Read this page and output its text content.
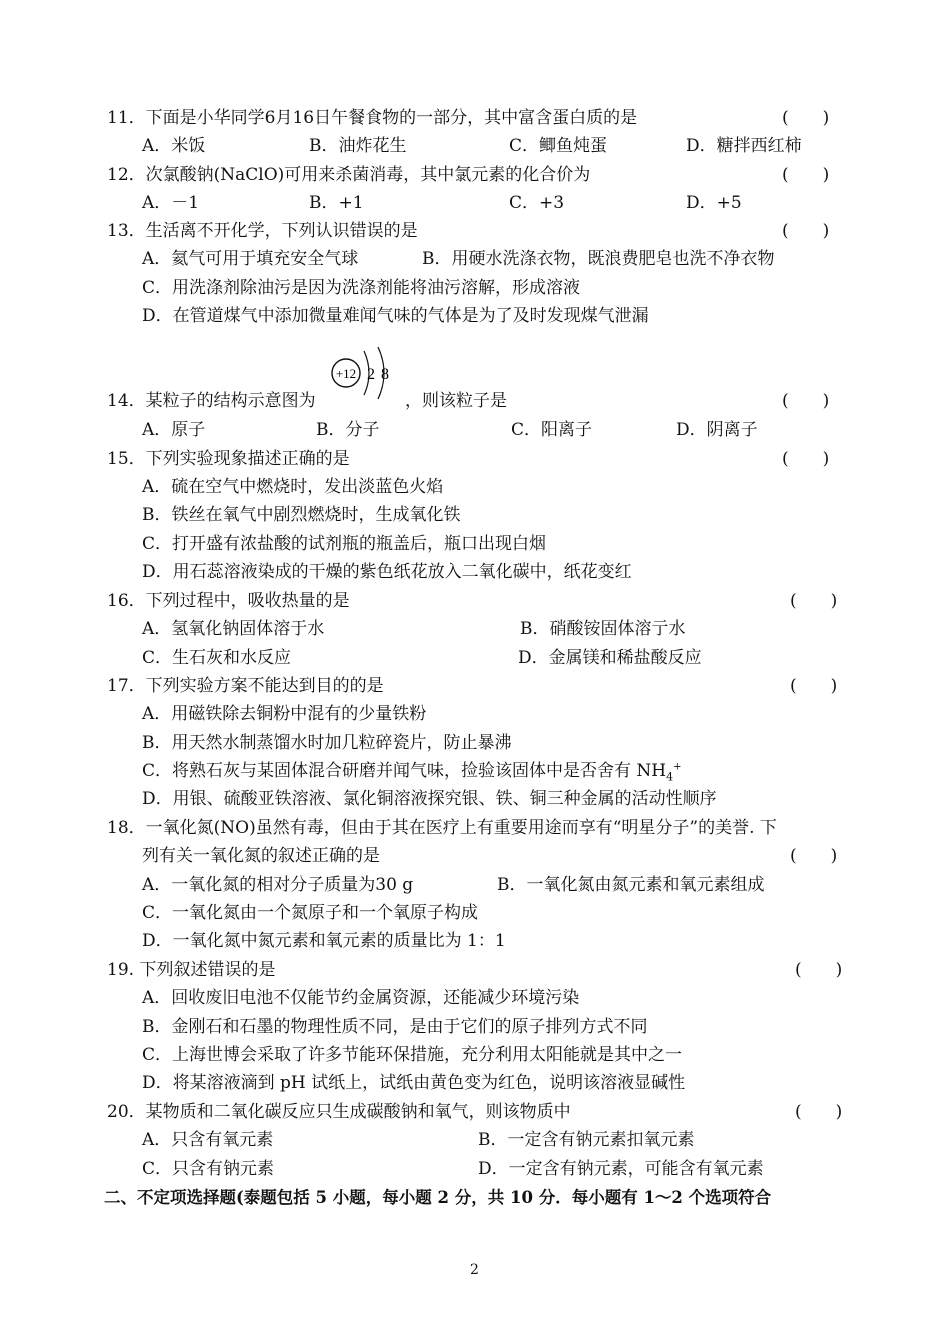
11．下面是小华同学6月16日午餐食物的一部分，其中富含蛋白质的是	(　　)
A．米饭	B．油炸花生	C．鲫鱼炖蛋	D．糖拌西红柿
12．次氯酸钠(NaClO)可用来杀菌消毒，其中氯元素的化合价为	(　　)
A．－1	B．+1	C．+3	D．+5
13．生活离不开化学，下列认识错误的是	(　　)
A．氦气可用于填充安全气球	B．用硬水洗涤衣物，既浪费肥皂也洗不净衣物
C．用洗涤剂除油污是因为洗涤剂能将油污溶解，形成溶液
D．在管道煤气中添加微量难闻气味的气体是为了及时发现煤气泄漏
+12 2 8
14．某粒子的结构示意图为	，则该粒子是	(　　)
A．原子	B．分子	C．阳离子	D．阴离子
15．下列实验现象描述正确的是	(　　)
A．硫在空气中燃烧时，发出淡蓝色火焰
B．铁丝在氧气中剧烈燃烧时，生成氧化铁
C．打开盛有浓盐酸的试剂瓶的瓶盖后，瓶口出现白烟
D．用石蕊溶液染成的干燥的紫色纸花放入二氧化碳中，纸花变红
16．下列过程中，吸收热量的是	(　　)
A．氢氧化钠固体溶于水	B．硝酸铵固体溶亍水
C．生石灰和水反应	D．金属镁和稀盐酸反应
17．下列实验方案不能达到目的的是	(　　)
A．用磁铁除去铜粉中混有的少量铁粉
B．用天然水制蒸馏水时加几粒碎瓷片，防止暴沸
C．将熟石灰与某固体混合研磨并闻气味，捡验该固体中是否舍有 $NH_4^+$
D．用银、硫酸亚铁溶液、氯化铜溶液探究银、铁、铜三种金属的活动性顺序
18．一氧化氮(NO)虽然有毒，但由于其在医疗上有重要用途而享有“明星分子”的美誉. 下
列有关一氧化氮的叙述正确的是	(　　)
A．一氧化氮的相对分子质量为30 g	B．一氧化氮由氮元素和氧元素组成
C．一氧化氮由一个氮原子和一个氧原子构成
D．一氧化氮中氮元素和氧元素的质量比为 1：1
19. 下列叙述错误的是	(　　)
A．回收废旧电池不仅能节约金属资源，还能减少环境污染
B．金刚石和石墨的物理性质不同，是由于它们的原子排列方式不同
C．上海世博会采取了许多节能环保措施，充分利用太阳能就是其中之一
D．将某溶液滴到 pH 试纸上，试纸由黄色变为红色，说明该溶液显碱性
20．某物质和二氧化碳反应只生成碳酸钠和氧气，则该物质中	(　　)
A．只含有氧元素	B．一定含有钠元素扣氧元素
C．只含有钠元素	D．一定含有钠元素，可能含有氧元素
二、不定项选择题(泰题包括 5 小题，每小题 2 分，共 10 分．每小题有 1～2 个选项符合
2
